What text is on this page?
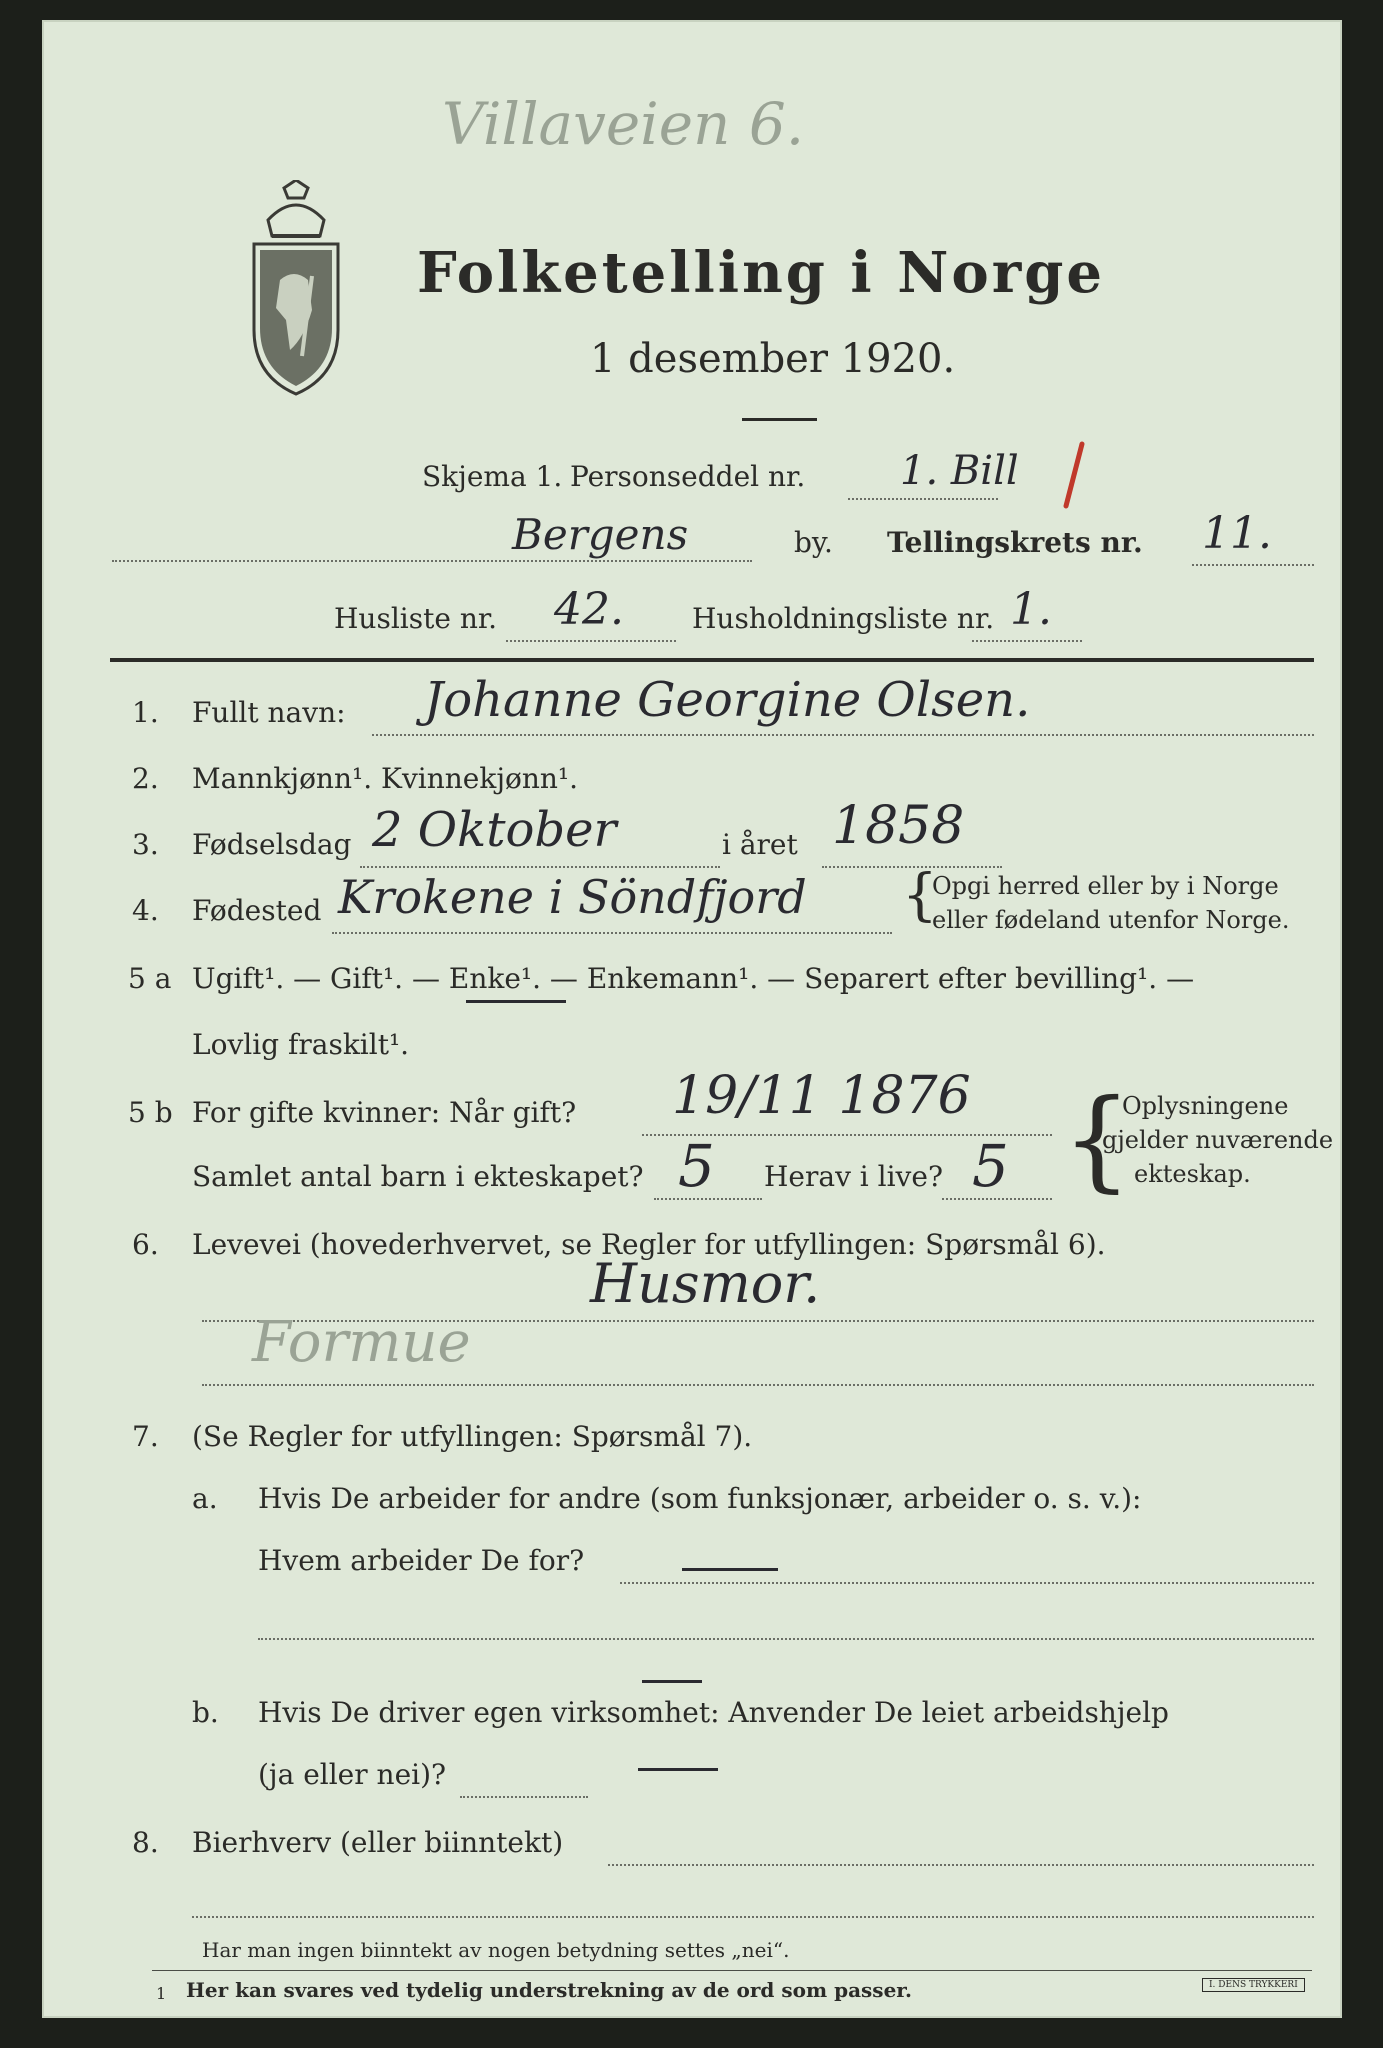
Villaveien 6.
Folketelling i Norge
1 desember 1920.
Skjema 1. Personseddel nr. 1. Bill
Bergens	by. Tellingskrets nr. 11.
Husliste nr. 42. Husholdningsliste nr. 1.
1. Fullt navn: Johanne Georgine Olsen.
2. Mannkjønn¹. Kvinnekjønn¹.
3. Fødselsdag 2 Oktober	i året 1858
4. Fødested Krokene i Söndfjord {
Opgi herred eller by i Norge
eller fødeland utenfor Norge.
5 a Ugift¹. — Gift¹. — Enke¹. — Enkemann¹. — Separert efter bevilling¹. —
Lovlig fraskilt¹.
5 b For gifte kvinner: Når gift? 19/11 1876
Samlet antal barn i ekteskapet? 5 Herav i live? 5 {
Oplysningene
gjelder nuværende
ekteskap.
6. Levevei (hovederhvervet, se Regler for utfyllingen: Spørsmål 6).
Husmor.
Formue
7. (Se Regler for utfyllingen: Spørsmål 7).
a. Hvis De arbeider for andre (som funksjonær, arbeider o. s. v.):
Hvem arbeider De for?
b. Hvis De driver egen virksomhet: Anvender De leiet arbeidshjelp
(ja eller nei)?
8. Bierhverv (eller biinntekt)
Har man ingen biinntekt av nogen betydning settes „nei“.
1 Her kan svares ved tydelig understrekning av de ord som passer.	I. DENS TRYKKERI
